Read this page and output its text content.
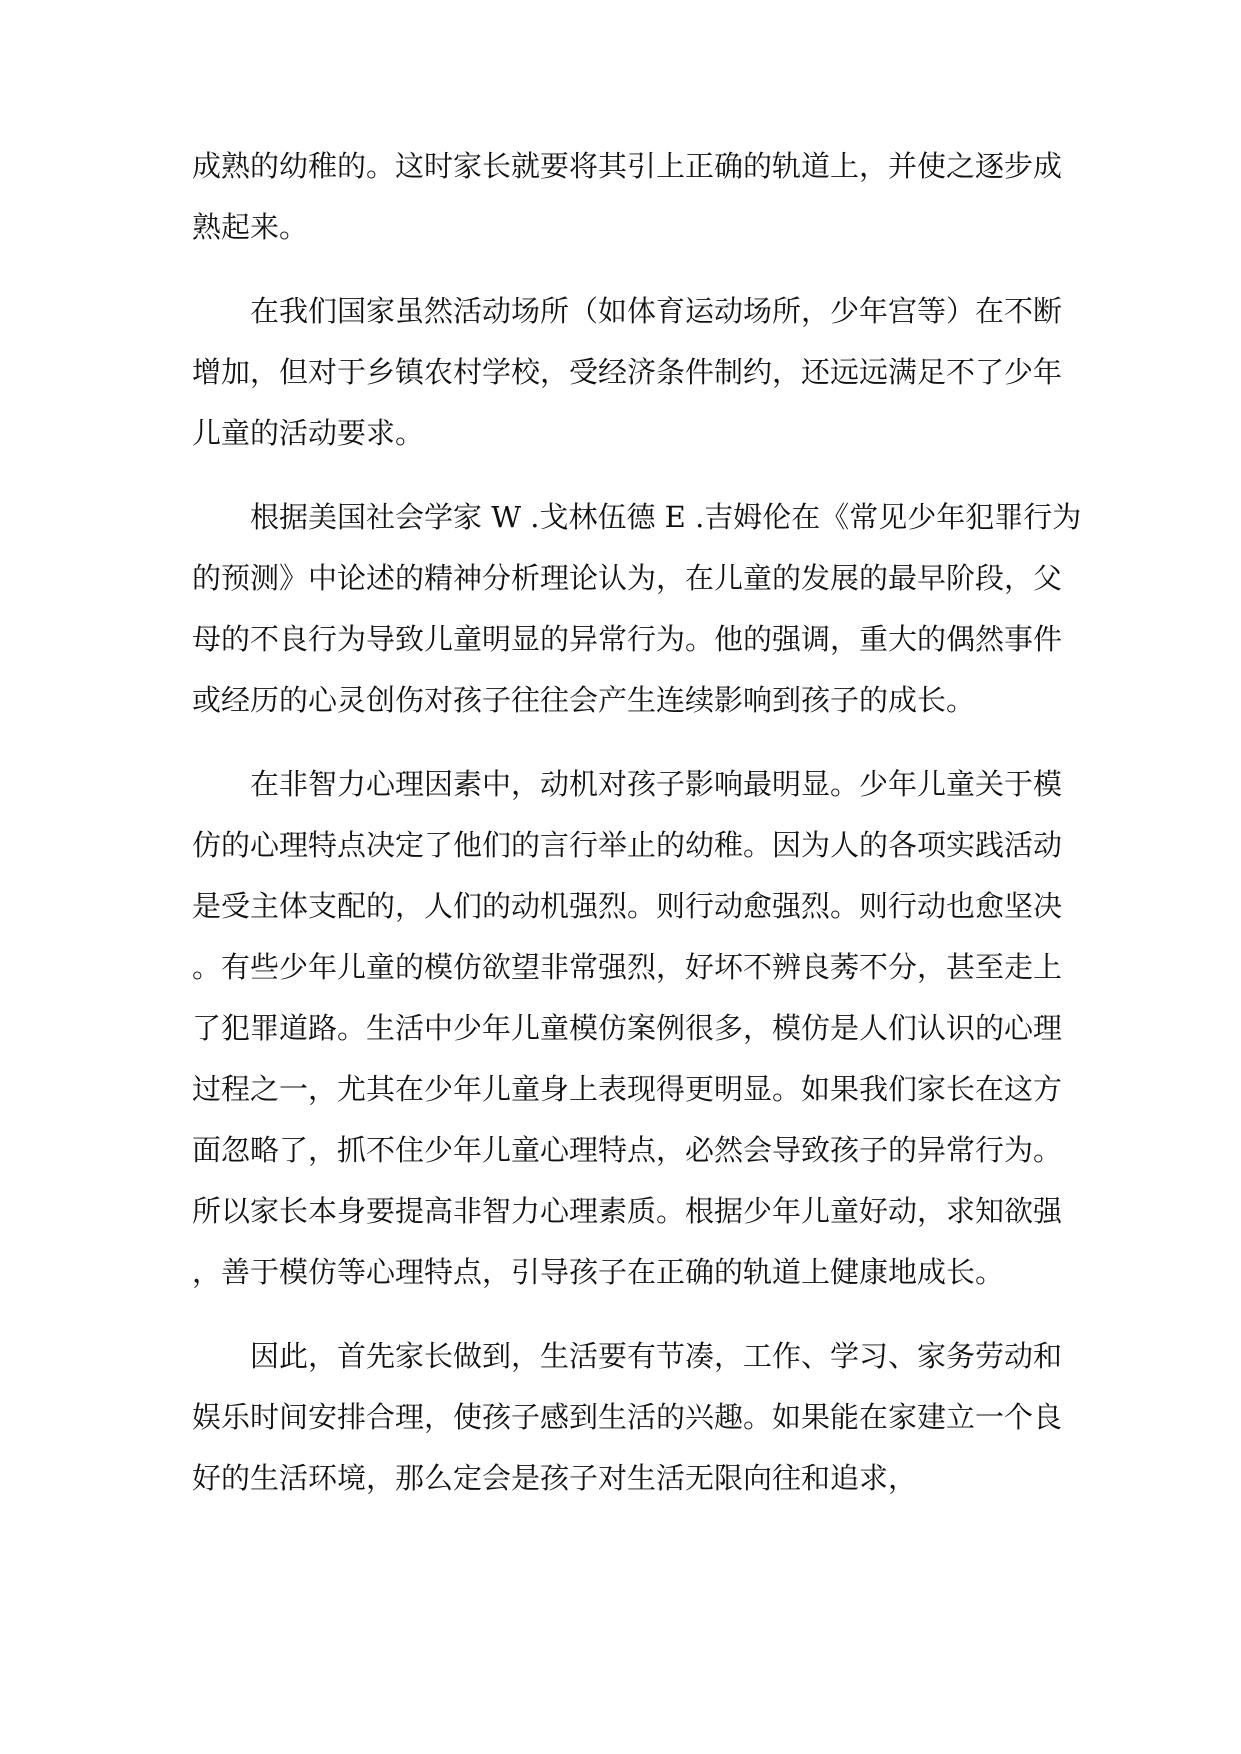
成熟的幼稚的。这时家长就要将其引上正确的轨道上，并使之逐步成

熟起来。

在我们国家虽然活动场所（如体育运动场所，少年宫等）在不断

增加，但对于乡镇农村学校，受经济条件制约，还远远满足不了少年

儿童的活动要求。

根据美国社会学家 W .戈林伍德 E .吉姆伦在《常见少年犯罪行为

的预测》中论述的精神分析理论认为，在儿童的发展的最早阶段，父

母的不良行为导致儿童明显的异常行为。他的强调，重大的偶然事件

或经历的心灵创伤对孩子往往会产生连续影响到孩子的成长。

在非智力心理因素中，动机对孩子影响最明显。少年儿童关于模

仿的心理特点决定了他们的言行举止的幼稚。因为人的各项实践活动

是受主体支配的，人们的动机强烈。则行动愈强烈。则行动也愈坚决

。有些少年儿童的模仿欲望非常强烈，好坏不辨良莠不分，甚至走上

了犯罪道路。生活中少年儿童模仿案例很多，模仿是人们认识的心理

过程之一，尤其在少年儿童身上表现得更明显。如果我们家长在这方

面忽略了，抓不住少年儿童心理特点，必然会导致孩子的异常行为。

所以家长本身要提高非智力心理素质。根据少年儿童好动，求知欲强

，善于模仿等心理特点，引导孩子在正确的轨道上健康地成长。

因此，首先家长做到，生活要有节凑，工作、学习、家务劳动和

娱乐时间安排合理，使孩子感到生活的兴趣。如果能在家建立一个良

好的生活环境，那么定会是孩子对生活无限向往和追求，
